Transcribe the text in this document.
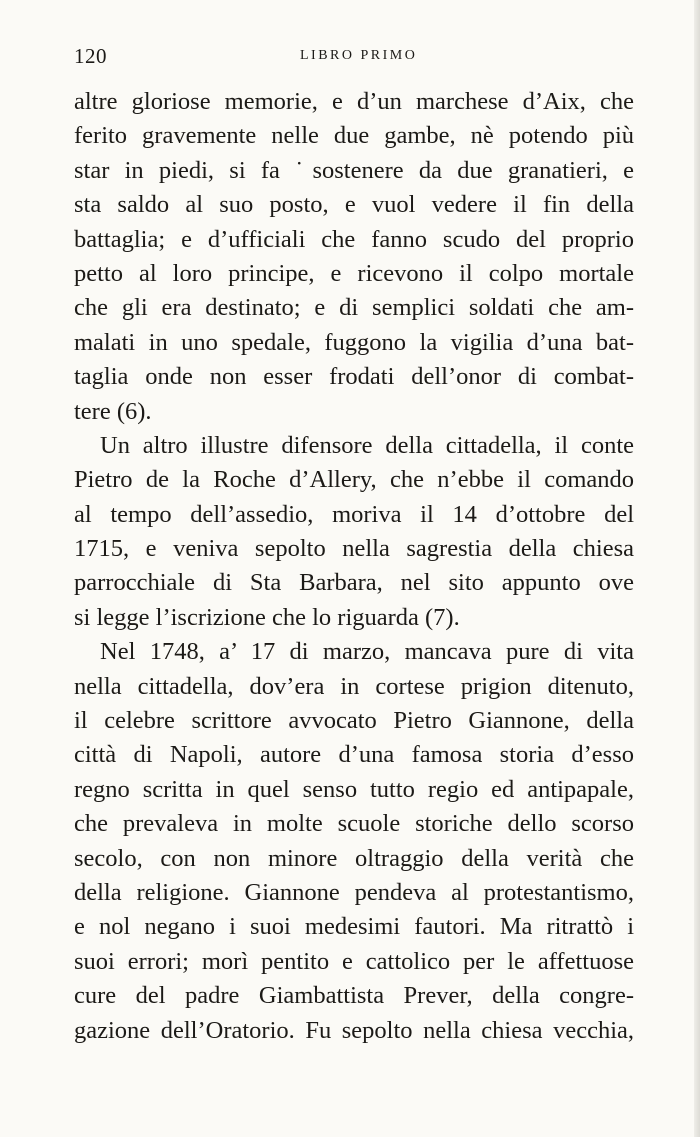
120	LIBRO PRIMO
altre gloriose memorie, e d’un marchese d’Aix, che
ferito gravemente nelle due gambe, nè potendo più
star in piedi, si fa ˙sostenere da due granatieri, e
sta saldo al suo posto, e vuol vedere il fin della
battaglia; e d’ufficiali che fanno scudo del proprio
petto al loro principe, e ricevono il colpo mortale
che gli era destinato; e di semplici soldati che am-
malati in uno spedale, fuggono la vigilia d’una bat-
taglia onde non esser frodati dell’onor di combat-
tere (6).
Un altro illustre difensore della cittadella, il conte
Pietro de la Roche d’Allery, che n’ebbe il comando
al tempo dell’assedio, moriva il 14 d’ottobre del
1715, e veniva sepolto nella sagrestia della chiesa
parrocchiale di Sta Barbara, nel sito appunto ove
si legge l’iscrizione che lo riguarda (7).
Nel 1748, a’ 17 di marzo, mancava pure di vita
nella cittadella, dov’era in cortese prigion ditenuto,
il celebre scrittore avvocato Pietro Giannone, della
città di Napoli, autore d’una famosa storia d’esso
regno scritta in quel senso tutto regio ed antipapale,
che prevaleva in molte scuole storiche dello scorso
secolo, con non minore oltraggio della verità che
della religione. Giannone pendeva al protestantismo,
e nol negano i suoi medesimi fautori. Ma ritrattò i
suoi errori; morì pentito e cattolico per le affettuose
cure del padre Giambattista Prever, della congre-
gazione dell’Oratorio. Fu sepolto nella chiesa vecchia,
